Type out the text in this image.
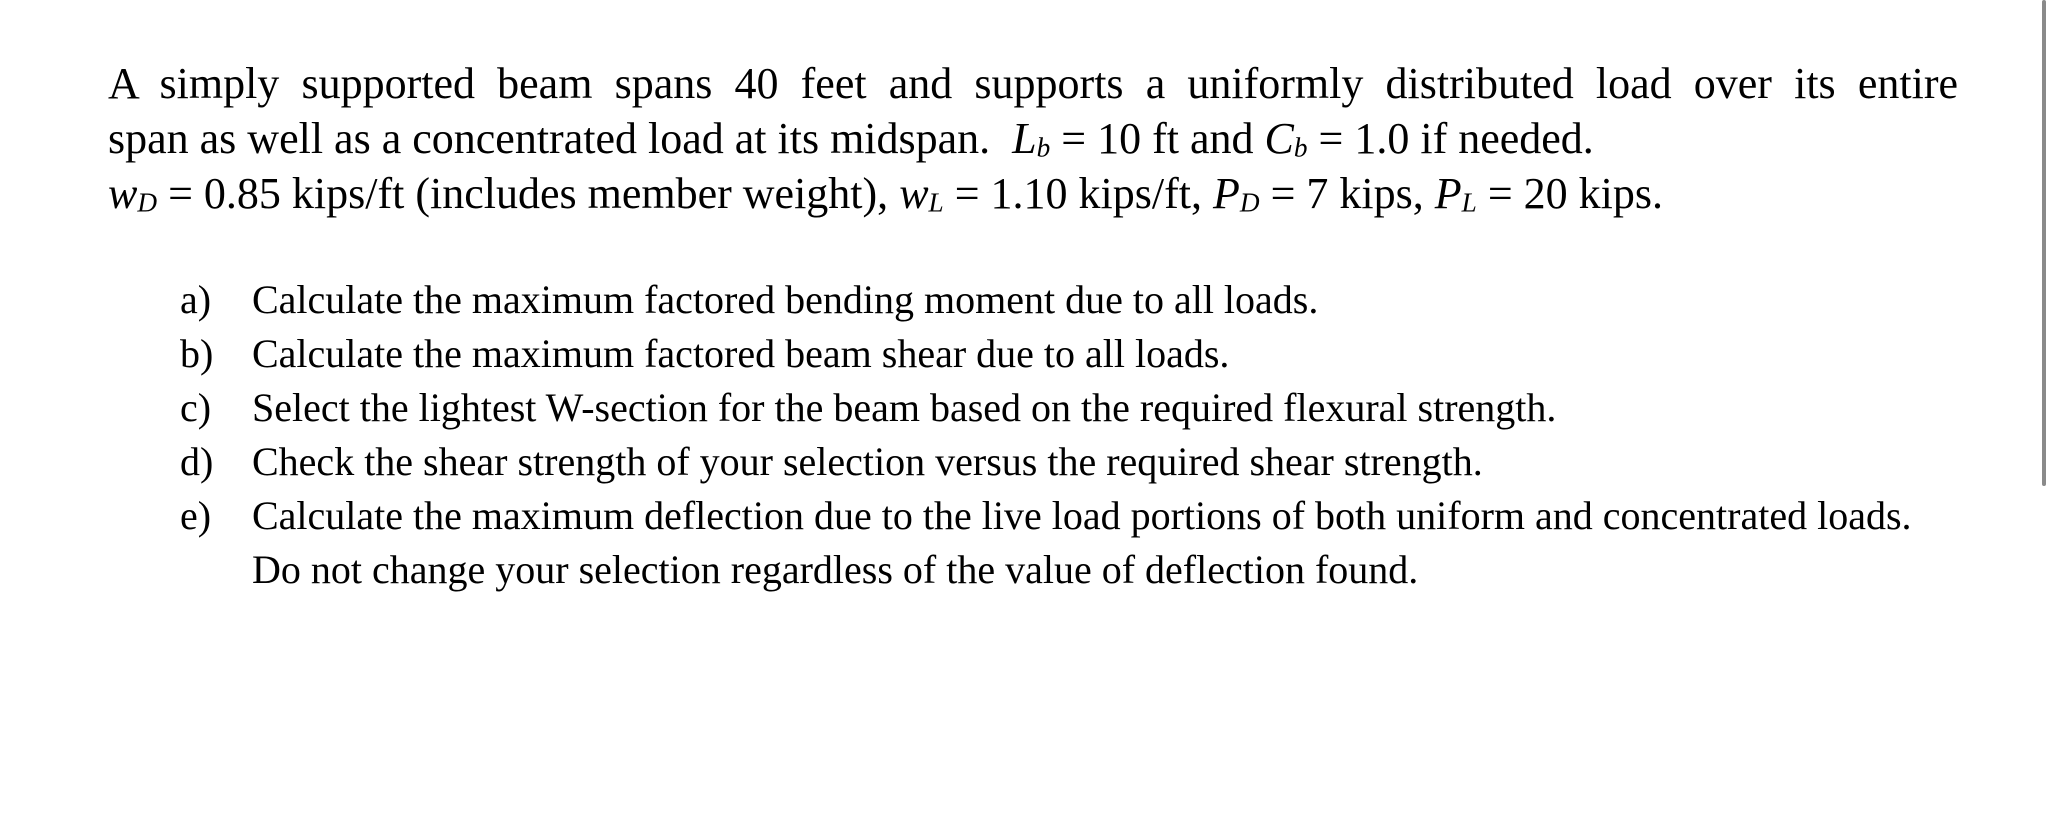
A simply supported beam spans 40 feet and supports a uniformly distributed load over its entire
span as well as a concentrated load at its midspan. Lb = 10 ft and Cb = 1.0 if needed.
wD = 0.85 kips/ft (includes member weight), wL = 1.10 kips/ft, PD = 7 kips, PL = 20 kips.
a)	Calculate the maximum factored bending moment due to all loads.
b) Calculate the maximum factored beam shear due to all loads.
c)	Select the lightest W-section for the beam based on the required flexural strength.
d) Check the shear strength of your selection versus the required shear strength.
e)	Calculate the maximum deflection due to the live load portions of both uniform and concentrated loads. Do not change your selection regardless of the value of deflection found.
